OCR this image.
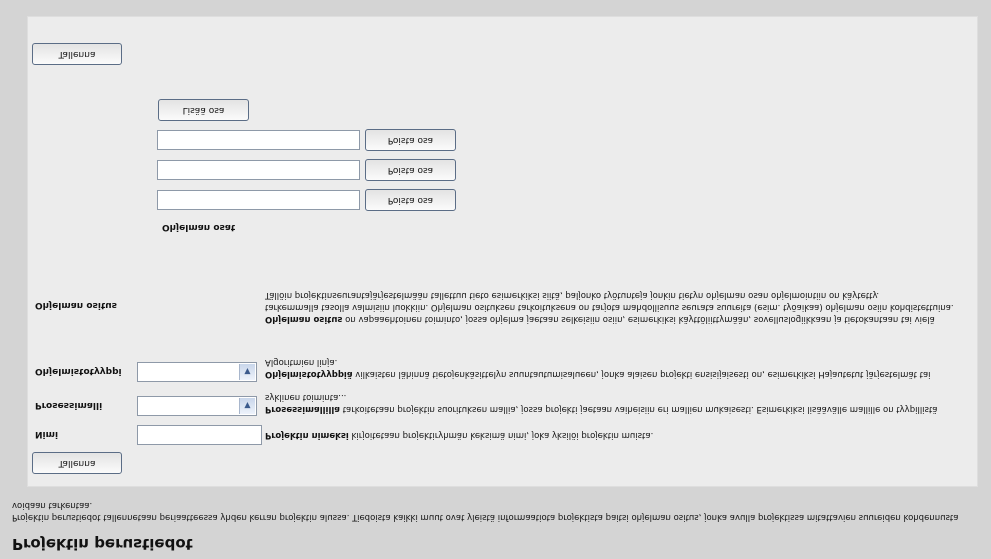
Projektin perustiedot
Projektin perustiedot tallennetaan periaatteessa yhden kerran projektin alussa. Tiedoista kaikki muut ovat yleistä informaatiota projektista paitsi ohjelman ositus, jonka avulla projektissa mitattavien suureiden kohdennusta voidaan tarkentaa.
Tallenna
Nimi	Projektin nimeksi kirjoitetaan projektiryhmän keksimä nimi, joka yksilöi projektin muista.
Prosessimalli	▼	Prosessimallilla tarkoitetaan projektin suorituksen mallia, jossa projekti jaetaan vaiheisiin eri mallien mukaisesti. Esimerkiksi lisäävälle mallille on tyypillistä syklinen toiminta...
Ohjelmistotyyppi	▼	Ohjelmistotyyppiä vilkaisten lähinnä tietojenkäsittelyn suuntautumisalueen, jonka alaisen projekti ensisijaisesti on, esimerkiksi Hajautetut järjestelmät tai Algoritmien linja.
Ohjelman ositus
Ohjelman ositus on vapaaehtoinen toiminto, jossa ohjelma jaetaan selkeisiin osiin, esimerkiksi käyttöliittymään, sovelluslogiikkaan ja tietokantaan tai vielä tarkemmalla tasolla valmisiin luokkiin. Ohjelman osituksen tarkoituksena on tarjota mahdollisuus seurata suureita (esim. työaikaa) ohjelman osiin kohdistettuina. Tällöin projektinseurantajärjestelmään tallettuu tieto esimerkiksi siitä, paljonko työtunteja jonkin tietyn ohjelman osan ohjelmointiin on käytetty.
Ohjelman osat
Poista osa
Poista osa
Poista osa
Lisää osa
Tallenna
